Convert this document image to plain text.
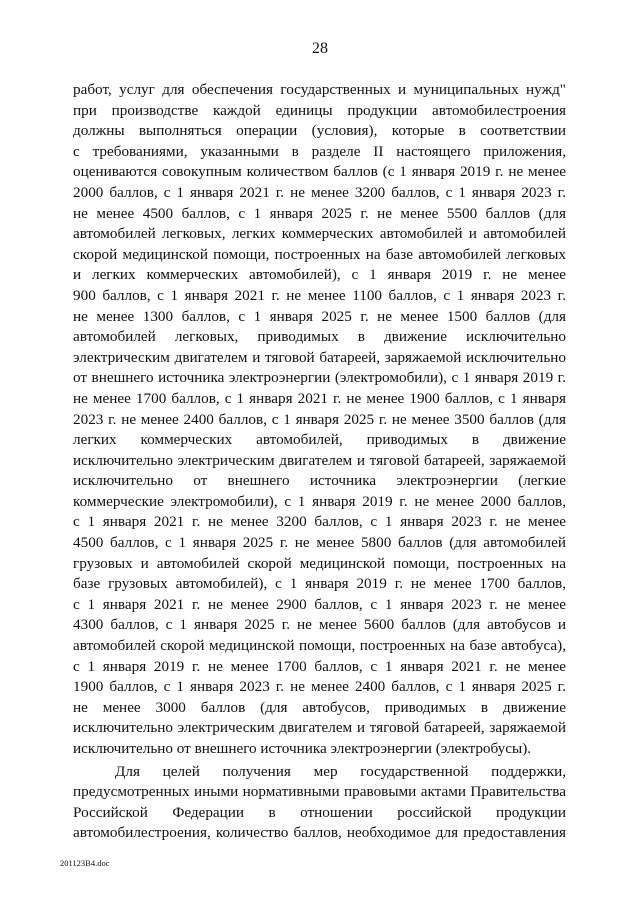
28

работ, услуг для обеспечения государственных и муниципальных нужд"
при производстве каждой единицы продукции автомобилестроения
должны выполняться операции (условия), которые в соответствии
с требованиями, указанными в разделе II настоящего приложения,
оцениваются совокупным количеством баллов (с 1 января 2019 г. не менее
2000 баллов, с 1 января 2021 г. не менее 3200 баллов, с 1 января 2023 г.
не менее 4500 баллов, с 1 января 2025 г. не менее 5500 баллов (для
автомобилей легковых, легких коммерческих автомобилей и автомобилей
скорой медицинской помощи, построенных на базе автомобилей легковых
и легких коммерческих автомобилей), с 1 января 2019 г. не менее
900 баллов, с 1 января 2021 г. не менее 1100 баллов, с 1 января 2023 г.
не менее 1300 баллов, с 1 января 2025 г. не менее 1500 баллов (для
автомобилей легковых, приводимых в движение исключительно
электрическим двигателем и тяговой батареей, заряжаемой исключительно
от внешнего источника электроэнергии (электромобили), с 1 января 2019 г.
не менее 1700 баллов, с 1 января 2021 г. не менее 1900 баллов, с 1 января
2023 г. не менее 2400 баллов, с 1 января 2025 г. не менее 3500 баллов (для
легких коммерческих автомобилей, приводимых в движение
исключительно электрическим двигателем и тяговой батареей, заряжаемой
исключительно от внешнего источника электроэнергии (легкие
коммерческие электромобили), с 1 января 2019 г. не менее 2000 баллов,
с 1 января 2021 г. не менее 3200 баллов, с 1 января 2023 г. не менее
4500 баллов, с 1 января 2025 г. не менее 5800 баллов (для автомобилей
грузовых и автомобилей скорой медицинской помощи, построенных на
базе грузовых автомобилей), с 1 января 2019 г. не менее 1700 баллов,
с 1 января 2021 г. не менее 2900 баллов, с 1 января 2023 г. не менее
4300 баллов, с 1 января 2025 г. не менее 5600 баллов (для автобусов и
автомобилей скорой медицинской помощи, построенных на базе автобуса),
с 1 января 2019 г. не менее 1700 баллов, с 1 января 2021 г. не менее
1900 баллов, с 1 января 2023 г. не менее 2400 баллов, с 1 января 2025 г.
не менее 3000 баллов (для автобусов, приводимых в движение
исключительно электрическим двигателем и тяговой батареей, заряжаемой
исключительно от внешнего источника электроэнергии (электробусы).

Для целей получения мер государственной поддержки,
предусмотренных иными нормативными правовыми актами Правительства
Российской Федерации в отношении российской продукции
автомобилестроения, количество баллов, необходимое для предоставления

201123B4.doc
